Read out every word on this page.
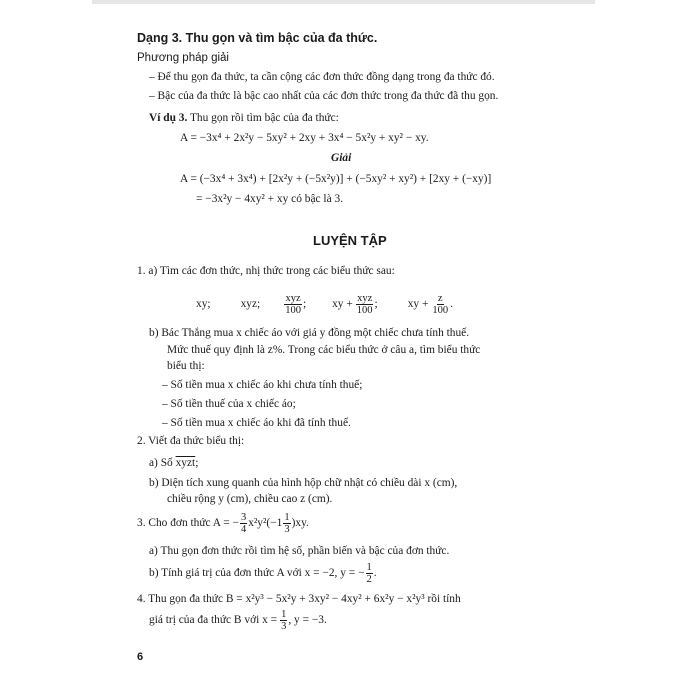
Dạng 3. Thu gọn và tìm bậc của đa thức.
Phương pháp giải
– Để thu gọn đa thức, ta cần cộng các đơn thức đồng dạng trong đa thức đó.
– Bậc của đa thức là bậc cao nhất của các đơn thức trong đa thức đã thu gọn.
Ví dụ 3. Thu gọn rồi tìm bậc của đa thức:
A = −3x⁴ + 2x²y − 5xy² + 2xy + 3x⁴ − 5x²y + xy² − xy.
Giải
A = (−3x⁴ + 3x⁴) + [2x²y + (−5x²y)] + (−5xy² + xy²) + [2xy + (−xy)]
= −3x²y − 4xy² + xy có bậc là 3.
LUYỆN TẬP
1. a) Tìm các đơn thức, nhị thức trong các biểu thức sau:
xy;	xyz; $\frac{\text{xyz}}{100}$ ; xy + $\frac{\text{xyz}}{100}$ ;	xy + $\frac{z}{100}$ .
b) Bác Thắng mua x chiếc áo với giá y đồng một chiếc chưa tính thuế.
Mức thuế quy định là z%. Trong các biểu thức ở câu a, tìm biểu thức
biểu thị:
– Số tiền mua x chiếc áo khi chưa tính thuế;
– Số tiền thuế của x chiếc áo;
– Số tiền mua x chiếc áo khi đã tính thuế.
2. Viết đa thức biểu thị:
a) Số xyzt;
b) Diện tích xung quanh của hình hộp chữ nhật có chiều dài x (cm),
chiều rộng y (cm), chiều cao z (cm).
3. Cho đơn thức A = − $\frac{3}{4} x^2y^2(-1 \frac{1}{3} )xy$.
a) Thu gọn đơn thức rồi tìm hệ số, phần biến và bậc của đơn thức.
b) Tính giá trị của đơn thức A với x = −2, y = − $\frac{1}{2}$ .
4. Thu gọn đa thức B = x²y³ − 5x²y + 3xy² − 4xy² + 6x²y − x²y³ rồi tính
giá trị của đa thức B với $x = \frac{1}{3}$ , y = −3.
6
